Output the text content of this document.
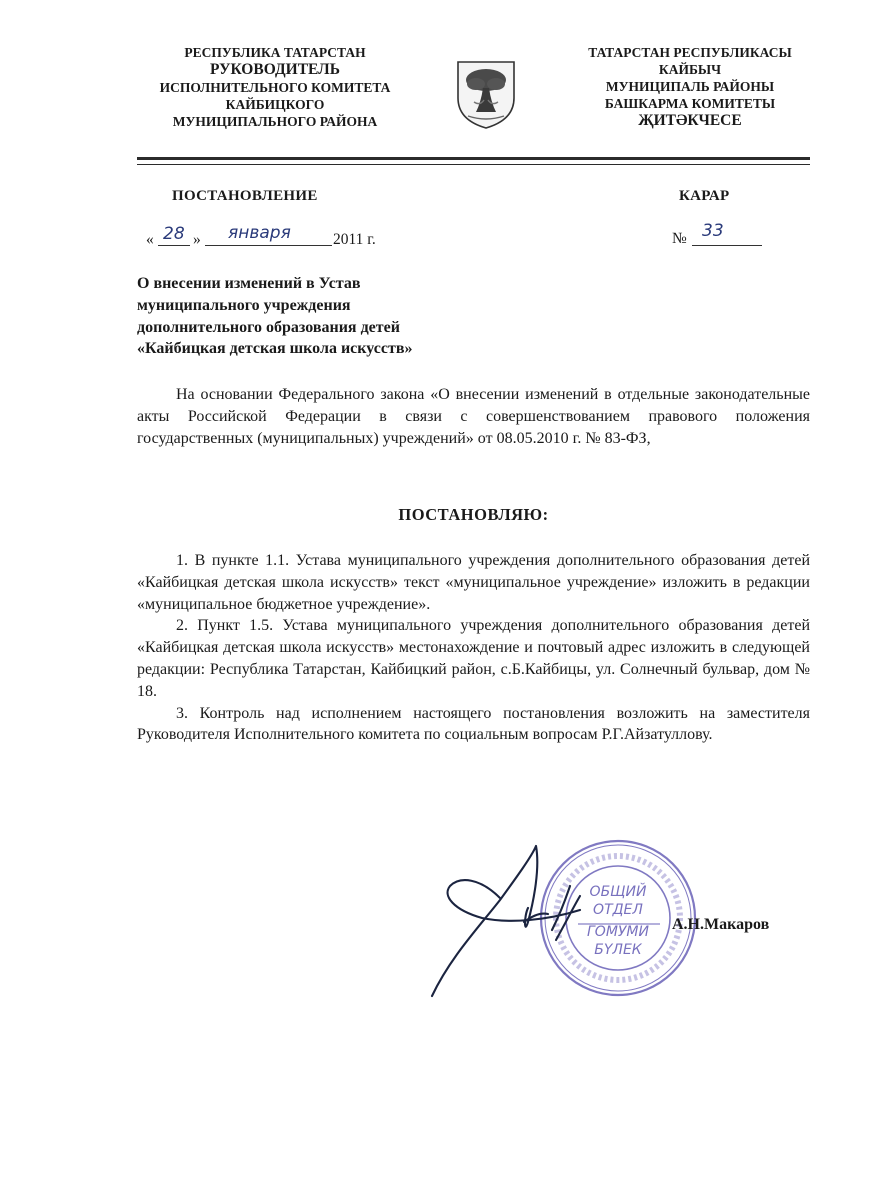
РЕСПУБЛИКА ТАТАРСТАН
РУКОВОДИТЕЛЬ
ИСПОЛНИТЕЛЬНОГО КОМИТЕТА
КАЙБИЦКОГО
МУНИЦИПАЛЬНОГО РАЙОНА
ТАТАРСТАН РЕСПУБЛИКАСЫ
КАЙБЫЧ
МУНИЦИПАЛЬ РАЙОНЫ
БАШКАРМА КОМИТЕТЫ
ҖИТӘКЧЕСЕ
ПОСТАНОВЛЕНИЕ	КАРАР
« 28 » января	2011 г.	№ 33
О внесении изменений в Устав
муниципального учреждения
дополнительного образования детей
«Кайбицкая детская школа искусств»

На основании Федерального закона «О внесении изменений в отдельные законодательные акты Российской Федерации в связи с совершенствованием правового положения государственных (муниципальных) учреждений» от 08.05.2010 г. № 83-ФЗ,

ПОСТАНОВЛЯЮ:

1. В пункте 1.1. Устава муниципального учреждения дополнительного образования детей «Кайбицкая детская школа искусств» текст «муниципальное учреждение» изложить в редакции «муниципальное бюджетное учреждение».

2. Пункт 1.5. Устава муниципального учреждения дополнительного образования детей «Кайбицкая детская школа искусств» местонахождение и почтовый адрес изложить в следующей редакции: Республика Татарстан, Кайбицкий район, с.Б.Кайбицы, ул. Солнечный бульвар, дом № 18.

3. Контроль над исполнением настоящего постановления возложить на заместителя Руководителя Исполнительного комитета по социальным вопросам Р.Г.Айзатуллову.

ОБЩИЙ
ОТДЕЛ
ГОМУМИ
БҮЛЕК
А.Н.Макаров
